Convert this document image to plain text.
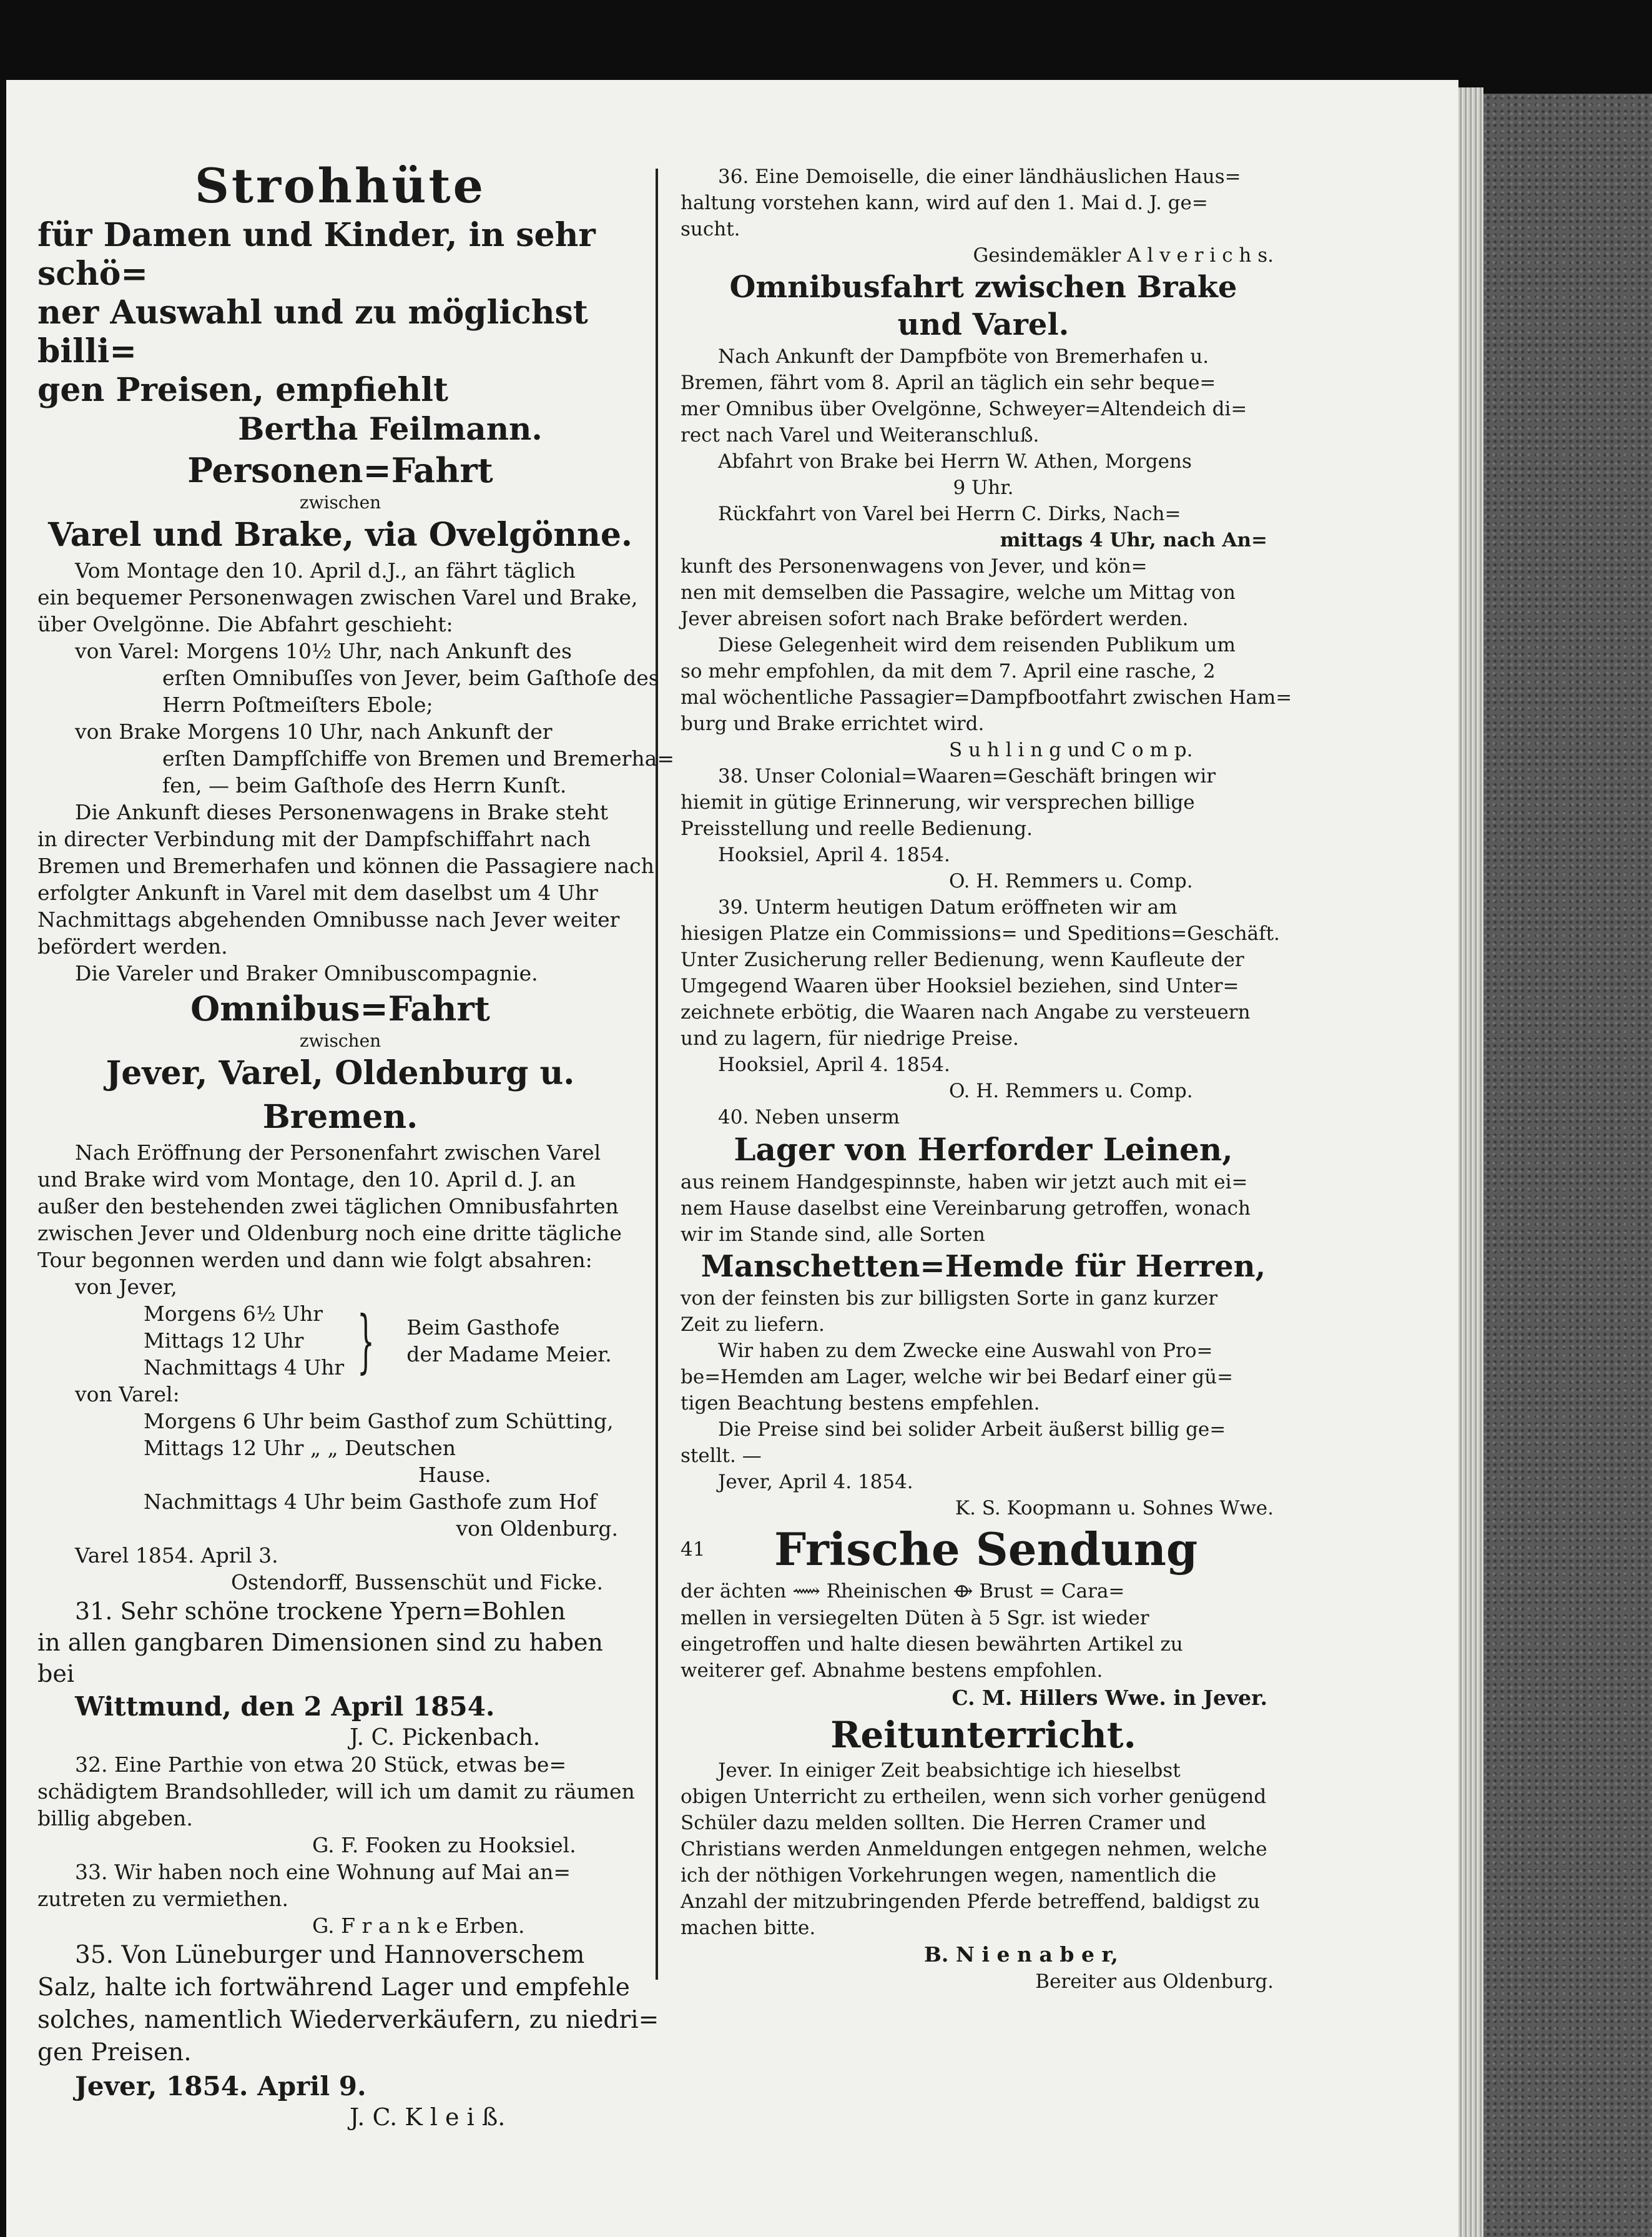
Strohhüte
für Damen und Kinder, in sehr schö=
ner Auswahl und zu möglichst billi=
gen Preisen, empfiehlt
Bertha Feilmann.
Personen=Fahrt
zwischen
Varel und Brake, via Ovelgönne.
Vom Montage den 10. April d.J., an fährt täglich
ein bequemer Personenwagen zwischen Varel und Brake,
über Ovelgönne. Die Abfahrt geschieht:
von Varel: Morgens 10½ Uhr, nach Ankunft des
erſten Omnibuſſes von Jever, beim Gaſthoſe des
Herrn Poſtmeiſters Ebole;
von Brake Morgens 10 Uhr, nach Ankunft der
erſten Dampfſchiffe von Bremen und Bremerha=
fen, — beim Gaſthoſe des Herrn Kunſt.
Die Ankunft dieses Personenwagens in Brake steht
in directer Verbindung mit der Dampfschiffahrt nach
Bremen und Bremerhafen und können die Passagiere nach
erfolgter Ankunft in Varel mit dem daselbst um 4 Uhr
Nachmittags abgehenden Omnibusse nach Jever weiter
befördert werden.
Die Vareler und Braker Omnibuscompagnie.
Omnibus=Fahrt
zwischen
Jever, Varel, Oldenburg u. Bremen.
Nach Eröffnung der Personenfahrt zwischen Varel
und Brake wird vom Montage, den 10. April d. J. an
außer den bestehenden zwei täglichen Omnibusfahrten
zwischen Jever und Oldenburg noch eine dritte tägliche
Tour begonnen werden und dann wie folgt absahren:
von Jever,
Morgens 6½ Uhr
Mittags 12 Uhr
Nachmittags 4 Uhr } Beim Gasthofe
der Madame Meier.
von Varel:
Morgens 6 Uhr beim Gasthof zum Schütting,
Mittags 12 Uhr „ „ Deutschen
Hause.
Nachmittags 4 Uhr beim Gasthofe zum Hof
von Oldenburg.
Varel 1854. April 3.
Ostendorff, Bussenschüt und Ficke.
31. Sehr schöne trockene Ypern=Bohlen
in allen gangbaren Dimensionen sind zu haben
bei
Wittmund, den 2 April 1854.
J. C. Pickenbach.
32. Eine Parthie von etwa 20 Stück, etwas be=
schädigtem Brandsohlleder, will ich um damit zu räumen
billig abgeben.
G. F. Fooken zu Hooksiel.
33. Wir haben noch eine Wohnung auf Mai an=
zutreten zu vermiethen.
G. F r a n k e Erben.
35. Von Lüneburger und Hannoverschem
Salz, halte ich fortwährend Lager und empfehle
solches, namentlich Wiederverkäufern, zu niedri=
gen Preisen.
Jever, 1854. April 9.
J. C. K l e i ß.
36. Eine Demoiselle, die einer ländhäuslichen Haus=
haltung vorstehen kann, wird auf den 1. Mai d. J. ge=
sucht.
Gesindemäkler A l v e r i c h s.
Omnibusfahrt zwischen Brake
und Varel.
Nach Ankunft der Dampfböte von Bremerhafen u.
Bremen, fährt vom 8. April an täglich ein sehr beque=
mer Omnibus über Ovelgönne, Schweyer=Altendeich di=
rect nach Varel und Weiteranschluß.
Abfahrt von Brake bei Herrn W. Athen, Morgens
9 Uhr.
Rückfahrt von Varel bei Herrn C. Dirks, Nach=
mittags 4 Uhr, nach An=
kunft des Personenwagens von Jever, und kön=
nen mit demselben die Passagire, welche um Mittag von
Jever abreisen sofort nach Brake befördert werden.
Diese Gelegenheit wird dem reisenden Publikum um
so mehr empfohlen, da mit dem 7. April eine rasche, 2
mal wöchentliche Passagier=Dampfbootfahrt zwischen Ham=
burg und Brake errichtet wird.
S u h l i n g und C o m p.
38. Unser Colonial=Waaren=Geschäft bringen wir
hiemit in gütige Erinnerung, wir versprechen billige
Preisstellung und reelle Bedienung.
Hooksiel, April 4. 1854.
O. H. Remmers u. Comp.
39. Unterm heutigen Datum eröffneten wir am
hiesigen Platze ein Commissions= und Speditions=Geschäft.
Unter Zusicherung reller Bedienung, wenn Kaufleute der
Umgegend Waaren über Hooksiel beziehen, sind Unter=
zeichnete erbötig, die Waaren nach Angabe zu versteuern
und zu lagern, für niedrige Preise.
Hooksiel, April 4. 1854.
O. H. Remmers u. Comp.
40. Neben unserm
Lager von Herforder Leinen,
aus reinem Handgespinnste, haben wir jetzt auch mit ei=
nem Hause daselbst eine Vereinbarung getroffen, wonach
wir im Stande sind, alle Sorten
Manschetten=Hemde für Herren,
von der feinsten bis zur billigsten Sorte in ganz kurzer
Zeit zu liefern.
Wir haben zu dem Zwecke eine Auswahl von Pro=
be=Hemden am Lager, welche wir bei Bedarf einer gü=
tigen Beachtung bestens empfehlen.
Die Preise sind bei solider Arbeit äußerst billig ge=
stellt. —
Jever, April 4. 1854.
K. S. Koopmann u. Sohnes Wwe.
41	Frische Sendung
der ächten ⟿ Rheinischen ⟴ Brust = Cara=
mellen in versiegelten Düten à 5 Sgr. ist wieder
eingetroffen und halte diesen bewährten Artikel zu
weiterer gef. Abnahme bestens empfohlen.
C. M. Hillers Wwe. in Jever.
Reitunterricht.
Jever. In einiger Zeit beabsichtige ich hieselbst
obigen Unterricht zu ertheilen, wenn sich vorher genügend
Schüler dazu melden sollten. Die Herren Cramer und
Christians werden Anmeldungen entgegen nehmen, welche
ich der nöthigen Vorkehrungen wegen, namentlich die
Anzahl der mitzubringenden Pferde betreffend, baldigst zu
machen bitte.
B. N i e n a b e r,
Bereiter aus Oldenburg.
